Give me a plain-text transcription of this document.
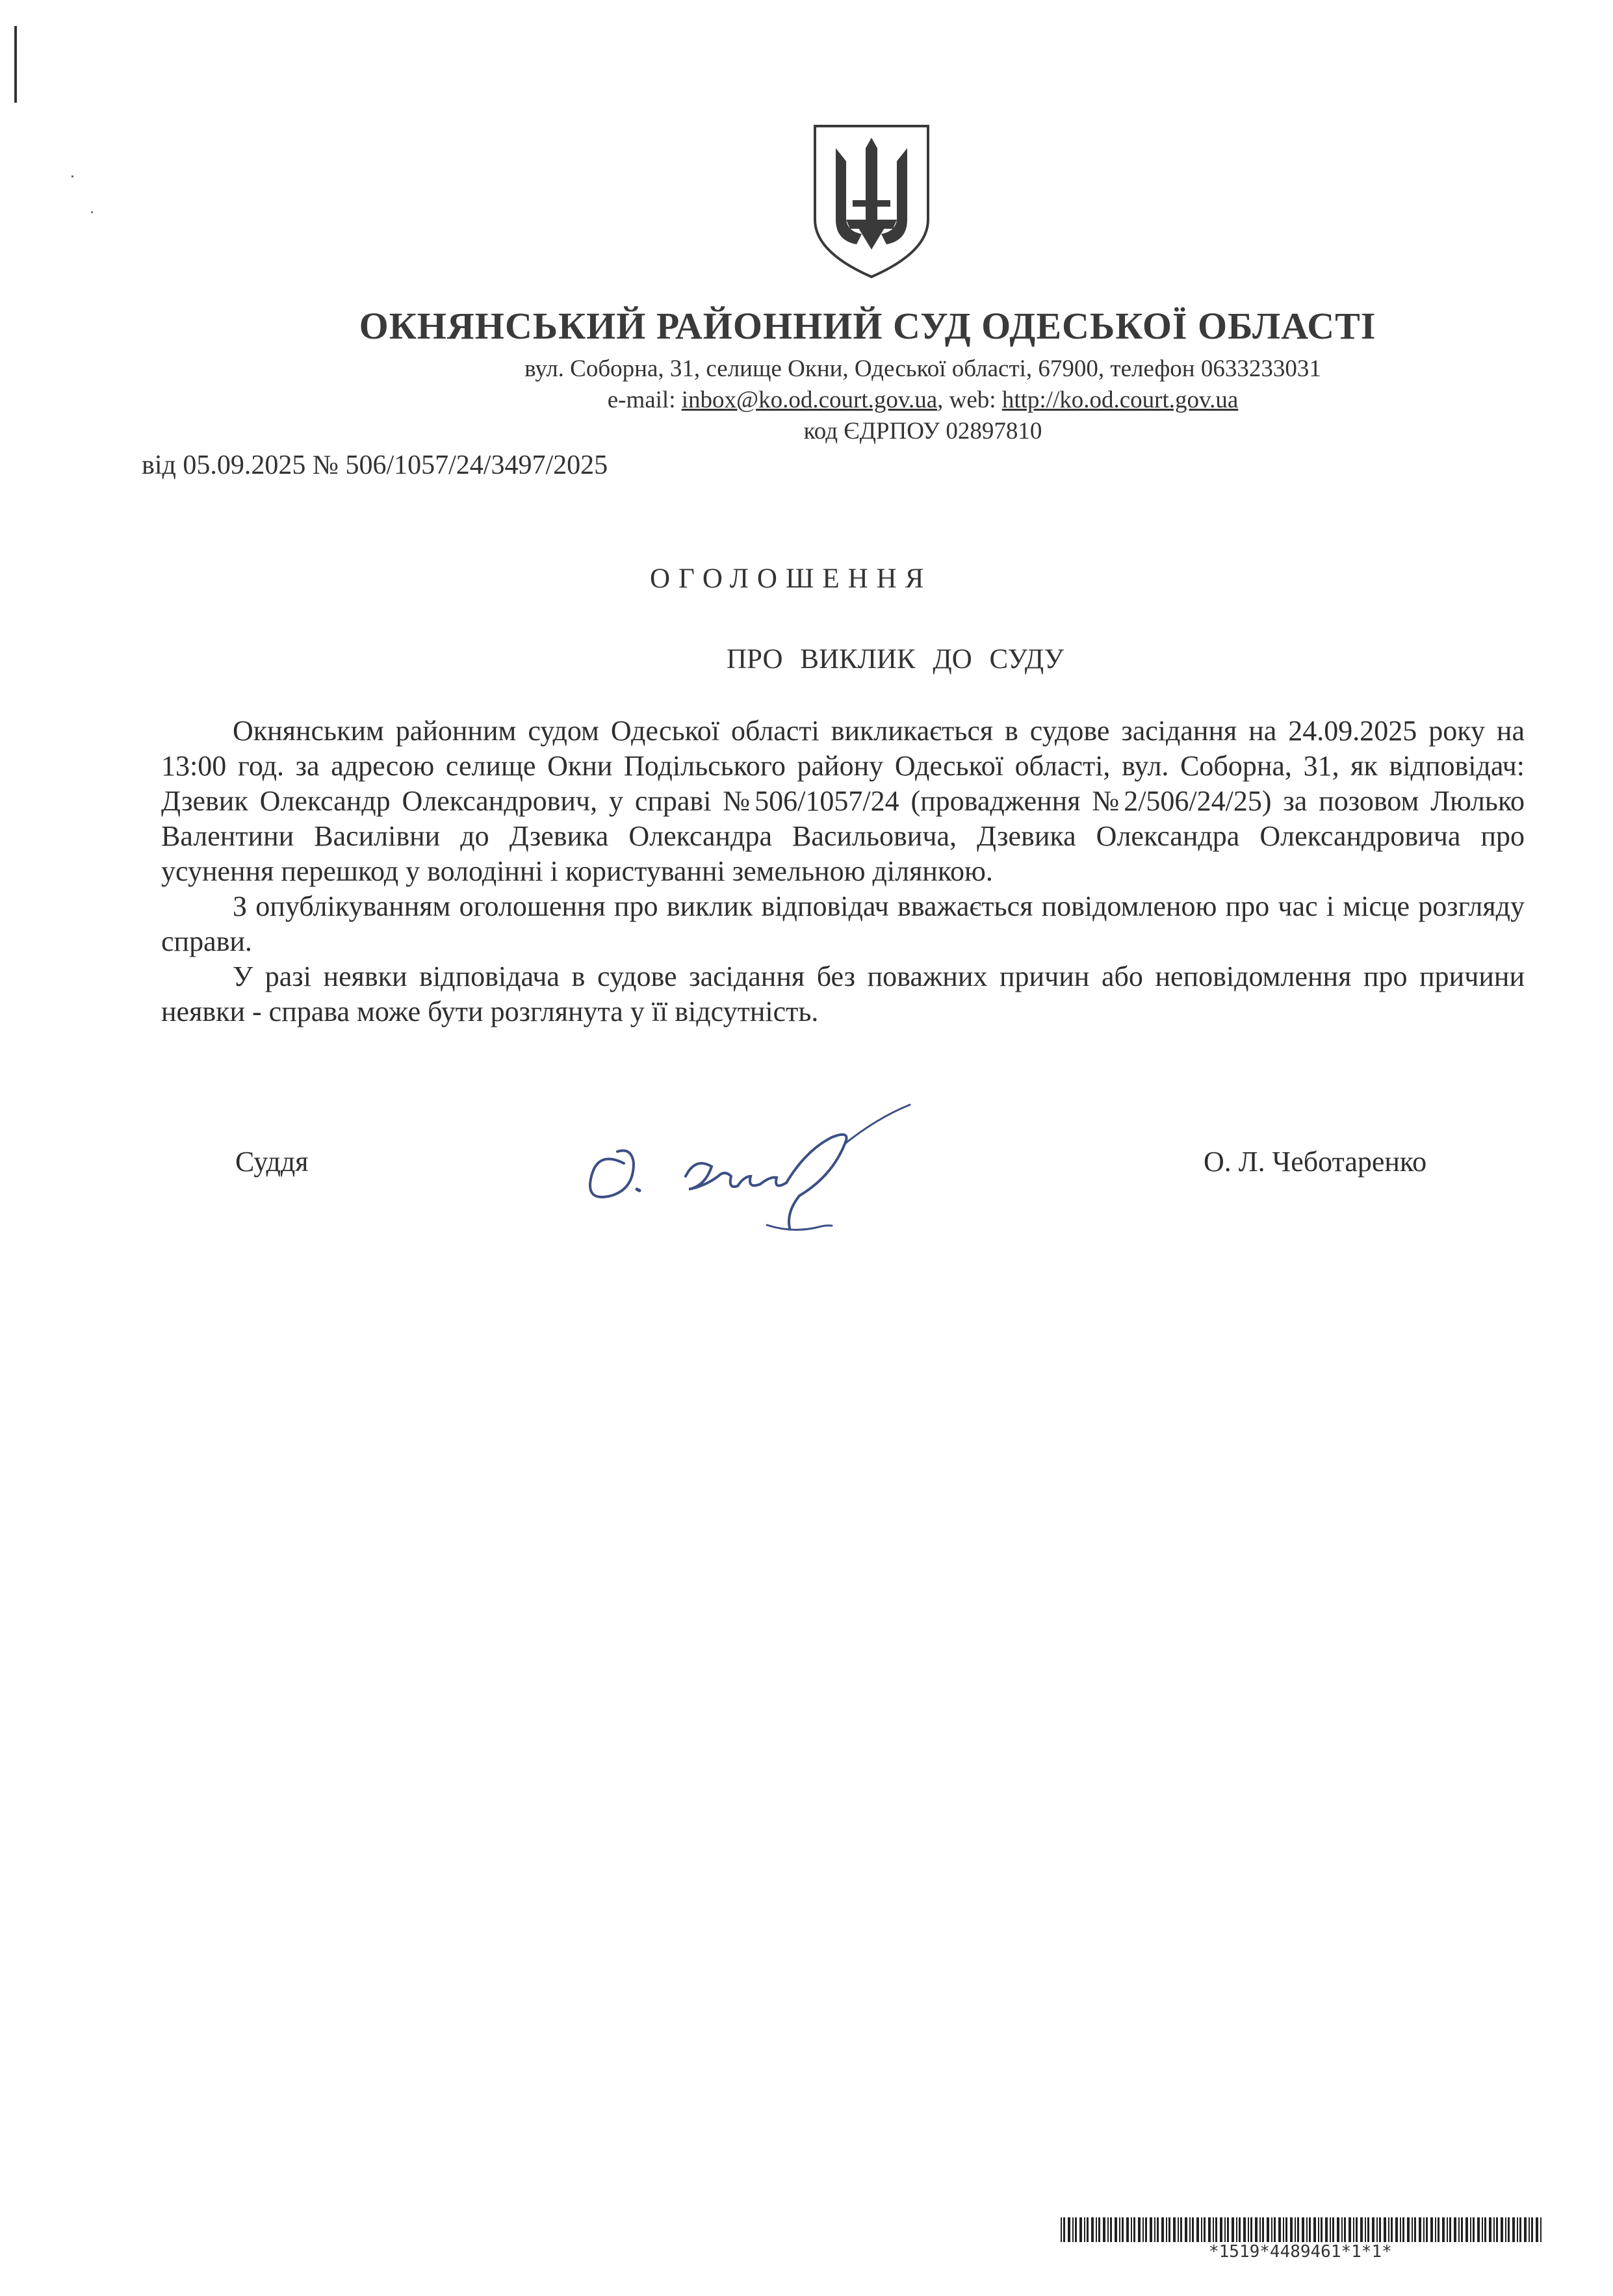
ОКНЯНСЬКИЙ РАЙОННИЙ СУД ОДЕСЬКОЇ ОБЛАСТІ
вул. Соборна, 31, селище Окни, Одеської області, 67900, телефон 0633233031
e-mail: inbox@ko.od.court.gov.ua, web: http://ko.od.court.gov.ua
код ЄДРПОУ 02897810
від 05.09.2025 № 506/1057/24/3497/2025
ОГОЛОШЕННЯ
ПРО ВИКЛИК ДО СУДУ

Окнянським районним судом Одеської області викликається в судове засідання на 24.09.2025 року на 13:00 год. за адресою селище Окни Подільського району Одеської області, вул. Соборна, 31, як відповідач: Дзевик Олександр Олександрович, у справі №506/1057/24 (провадження №2/506/24/25) за позовом Люлько Валентини Василівни до Дзевика Олександра Васильовича, Дзевика Олександра Олександровича про усунення перешкод у володінні і користуванні земельною ділянкою.

З опублікуванням оголошення про виклик відповідач вважається повідомленою про час і місце розгляду справи.

У разі неявки відповідача в судове засідання без поважних причин або неповідомлення про причини неявки - справа може бути розглянута у її відсутність.

Суддя	О. Л. Чеботаренко
*1519*4489461*1*1*
